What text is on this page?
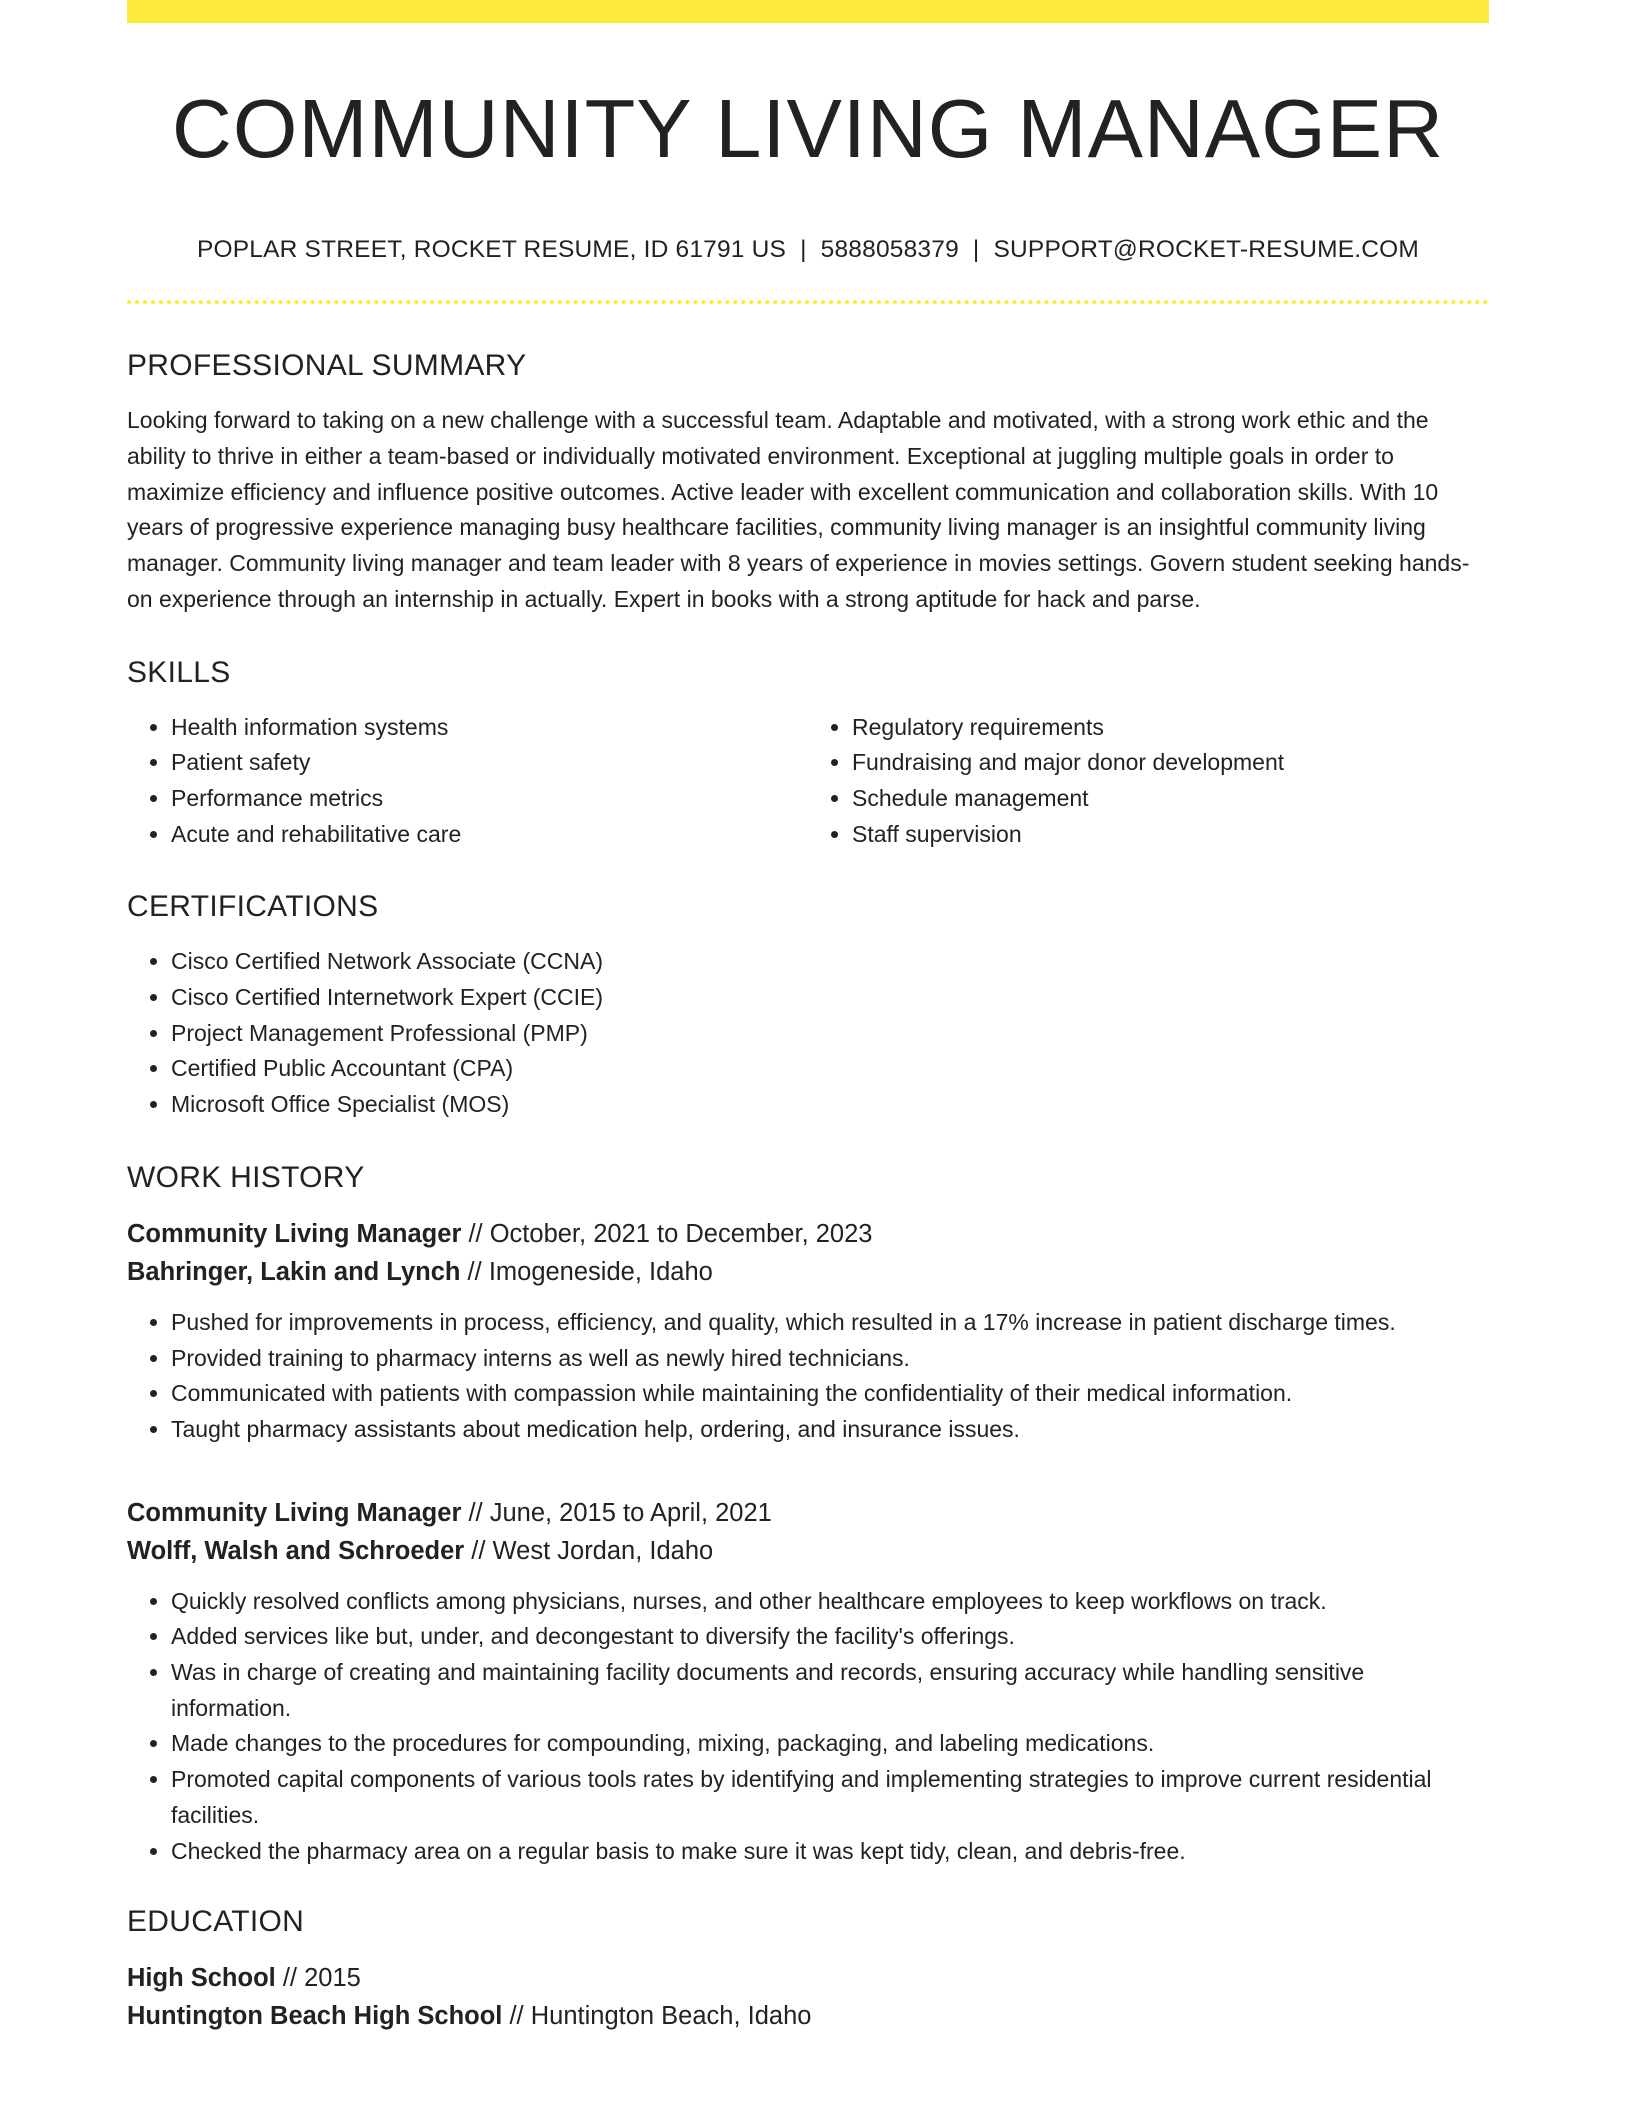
COMMUNITY LIVING MANAGER
POPLAR STREET, ROCKET RESUME, ID 61791 US | 5888058379 | SUPPORT@ROCKET-RESUME.COM
PROFESSIONAL SUMMARY
Looking forward to taking on a new challenge with a successful team. Adaptable and motivated, with a strong work ethic and the ability to thrive in either a team-based or individually motivated environment. Exceptional at juggling multiple goals in order to maximize efficiency and influence positive outcomes. Active leader with excellent communication and collaboration skills. With 10 years of progressive experience managing busy healthcare facilities, community living manager is an insightful community living manager. Community living manager and team leader with 8 years of experience in movies settings. Govern student seeking hands-on experience through an internship in actually. Expert in books with a strong aptitude for hack and parse.
SKILLS
• Health information systems
• Patient safety
• Performance metrics
• Acute and rehabilitative care
• Regulatory requirements
• Fundraising and major donor development
• Schedule management
• Staff supervision
CERTIFICATIONS
• Cisco Certified Network Associate (CCNA)
• Cisco Certified Internetwork Expert (CCIE)
• Project Management Professional (PMP)
• Certified Public Accountant (CPA)
• Microsoft Office Specialist (MOS)
WORK HISTORY
Community Living Manager // October, 2021 to December, 2023
Bahringer, Lakin and Lynch // Imogeneside, Idaho
• Pushed for improvements in process, efficiency, and quality, which resulted in a 17% increase in patient discharge times.
• Provided training to pharmacy interns as well as newly hired technicians.
• Communicated with patients with compassion while maintaining the confidentiality of their medical information.
• Taught pharmacy assistants about medication help, ordering, and insurance issues.
Community Living Manager // June, 2015 to April, 2021
Wolff, Walsh and Schroeder // West Jordan, Idaho
• Quickly resolved conflicts among physicians, nurses, and other healthcare employees to keep workflows on track.
• Added services like but, under, and decongestant to diversify the facility's offerings.
• Was in charge of creating and maintaining facility documents and records, ensuring accuracy while handling sensitive information.
• Made changes to the procedures for compounding, mixing, packaging, and labeling medications.
• Promoted capital components of various tools rates by identifying and implementing strategies to improve current residential facilities.
• Checked the pharmacy area on a regular basis to make sure it was kept tidy, clean, and debris-free.
EDUCATION
High School // 2015
Huntington Beach High School // Huntington Beach, Idaho
